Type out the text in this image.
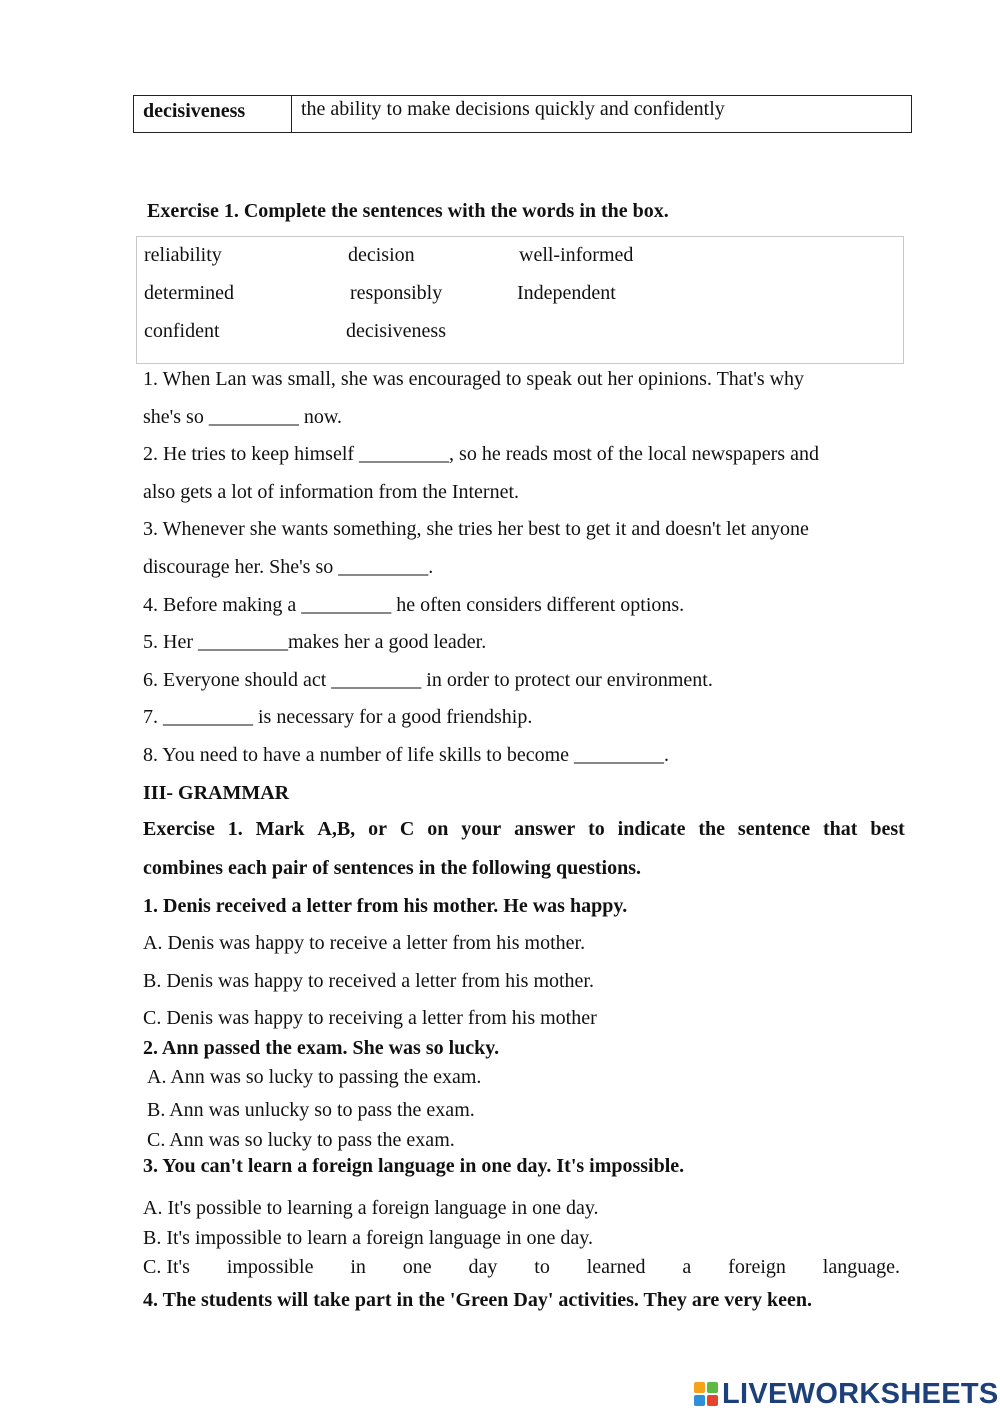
decisiveness	the ability to make decisions quickly and confidently
Exercise 1. Complete the sentences with the words in the box.
reliability	decision	well-informed
determined	responsibly	Independent
confident	decisiveness
1. When Lan was small, she was encouraged to speak out her opinions. That's why
she's so _________ now.
2. He tries to keep himself _________, so he reads most of the local newspapers and
also gets a lot of information from the Internet.
3. Whenever she wants something, she tries her best to get it and doesn't let anyone
discourage her. She's so _________.
4. Before making a _________ he often considers different options.
5. Her _________makes her a good leader.
6. Everyone should act _________ in order to protect our environment.
7. _________ is necessary for a good friendship.
8. You need to have a number of life skills to become _________.
III- GRAMMAR
Exercise 1. Mark A,B, or C on your answer to indicate the sentence that best
combines each pair of sentences in the following questions.
1. Denis received a letter from his mother. He was happy.
A. Denis was happy to receive a letter from his mother.
B. Denis was happy to received a letter from his mother.
C. Denis was happy to receiving a letter from his mother
2. Ann passed the exam. She was so lucky.
A. Ann was so lucky to passing the exam.
B. Ann was unlucky so to pass the exam.
C. Ann was so lucky to pass the exam.
3. You can't learn a foreign language in one day. It's impossible.
A. It's possible to learning a foreign language in one day.
B. It's impossible to learn a foreign language in one day.
C. It's impossible in one day to learned a foreign language.
4. The students will take part in the 'Green Day' activities. They are very keen.
LIVEWORKSHEETS
